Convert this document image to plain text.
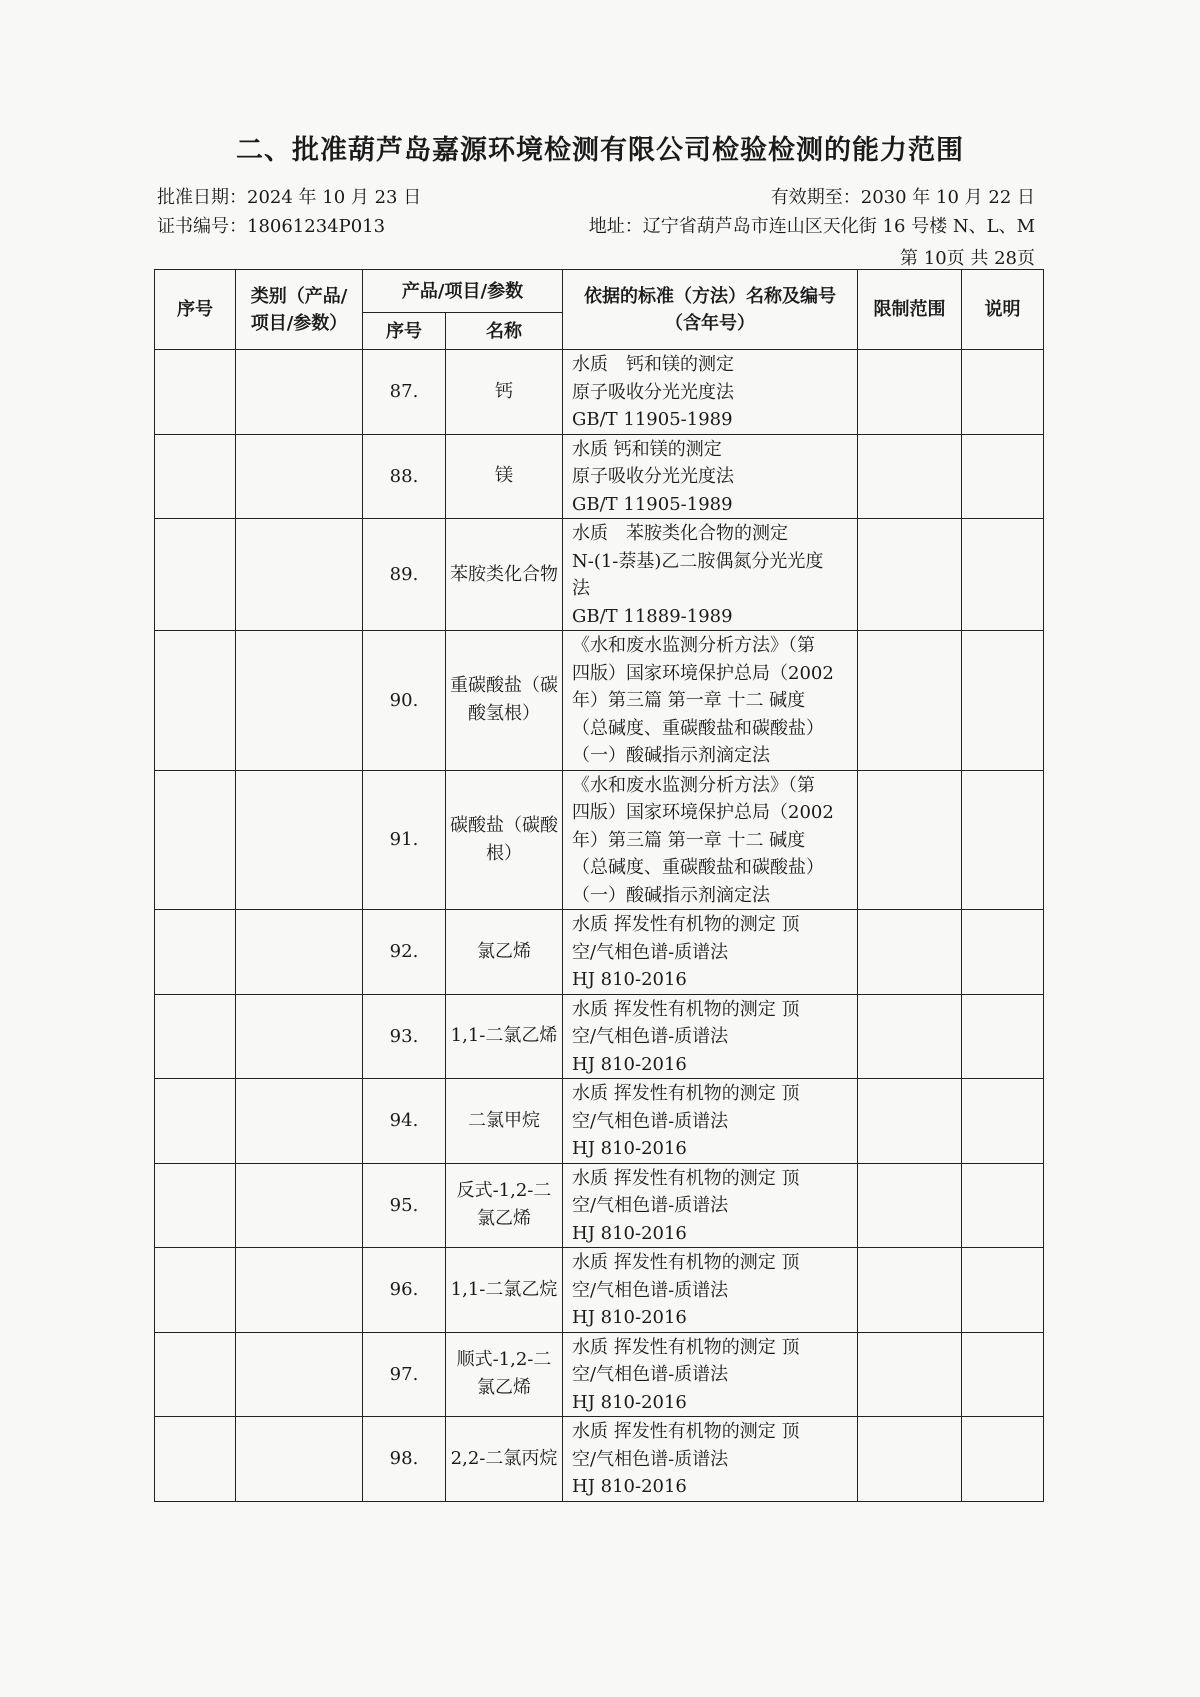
二、批准葫芦岛嘉源环境检测有限公司检验检测的能力范围
批准日期：2024 年 10 月 23 日	有效期至：2030 年 10 月 22 日
证书编号：18061234P013	地址：辽宁省葫芦岛市连山区天化街 16 号楼 N、L、M
第 10页 共 28页
序号	类别（产品/项目/参数）	产品/项目/参数		依据的标准（方法）名称及编号（含年号）	限制范围	说明
		序号	名称			
		87.	钙	水质　钙和镁的测定
原子吸收分光光度法
GB/T 11905-1989		

		88.	镁	水质 钙和镁的测定
原子吸收分光光度法
GB/T 11905-1989		

		89.	苯胺类化合物	水质　苯胺类化合物的测定
N-(1-萘基)乙二胺偶氮分光光度
法
GB/T 11889-1989		

		90.	重碳酸盐（碳酸氢根）	《水和废水监测分析方法》（第
四版）国家环境保护总局（2002
年）第三篇 第一章 十二 碱度
（总碱度、重碳酸盐和碳酸盐）
（一）酸碱指示剂滴定法		

		91.	碳酸盐（碳酸根）	《水和废水监测分析方法》（第
四版）国家环境保护总局（2002
年）第三篇 第一章 十二 碱度
（总碱度、重碳酸盐和碳酸盐）
（一）酸碱指示剂滴定法		

		92.	氯乙烯	水质 挥发性有机物的测定 顶
空/气相色谱-质谱法
HJ 810-2016		

		93.	1,1-二氯乙烯	水质 挥发性有机物的测定 顶
空/气相色谱-质谱法
HJ 810-2016		

		94.	二氯甲烷	水质 挥发性有机物的测定 顶
空/气相色谱-质谱法
HJ 810-2016		

		95.	反式-1,2-二氯乙烯	水质 挥发性有机物的测定 顶
空/气相色谱-质谱法
HJ 810-2016		

		96.	1,1-二氯乙烷	水质 挥发性有机物的测定 顶
空/气相色谱-质谱法
HJ 810-2016		

		97.	顺式-1,2-二氯乙烯	水质 挥发性有机物的测定 顶
空/气相色谱-质谱法
HJ 810-2016		

		98.	2,2-二氯丙烷	水质 挥发性有机物的测定 顶
空/气相色谱-质谱法
HJ 810-2016		
